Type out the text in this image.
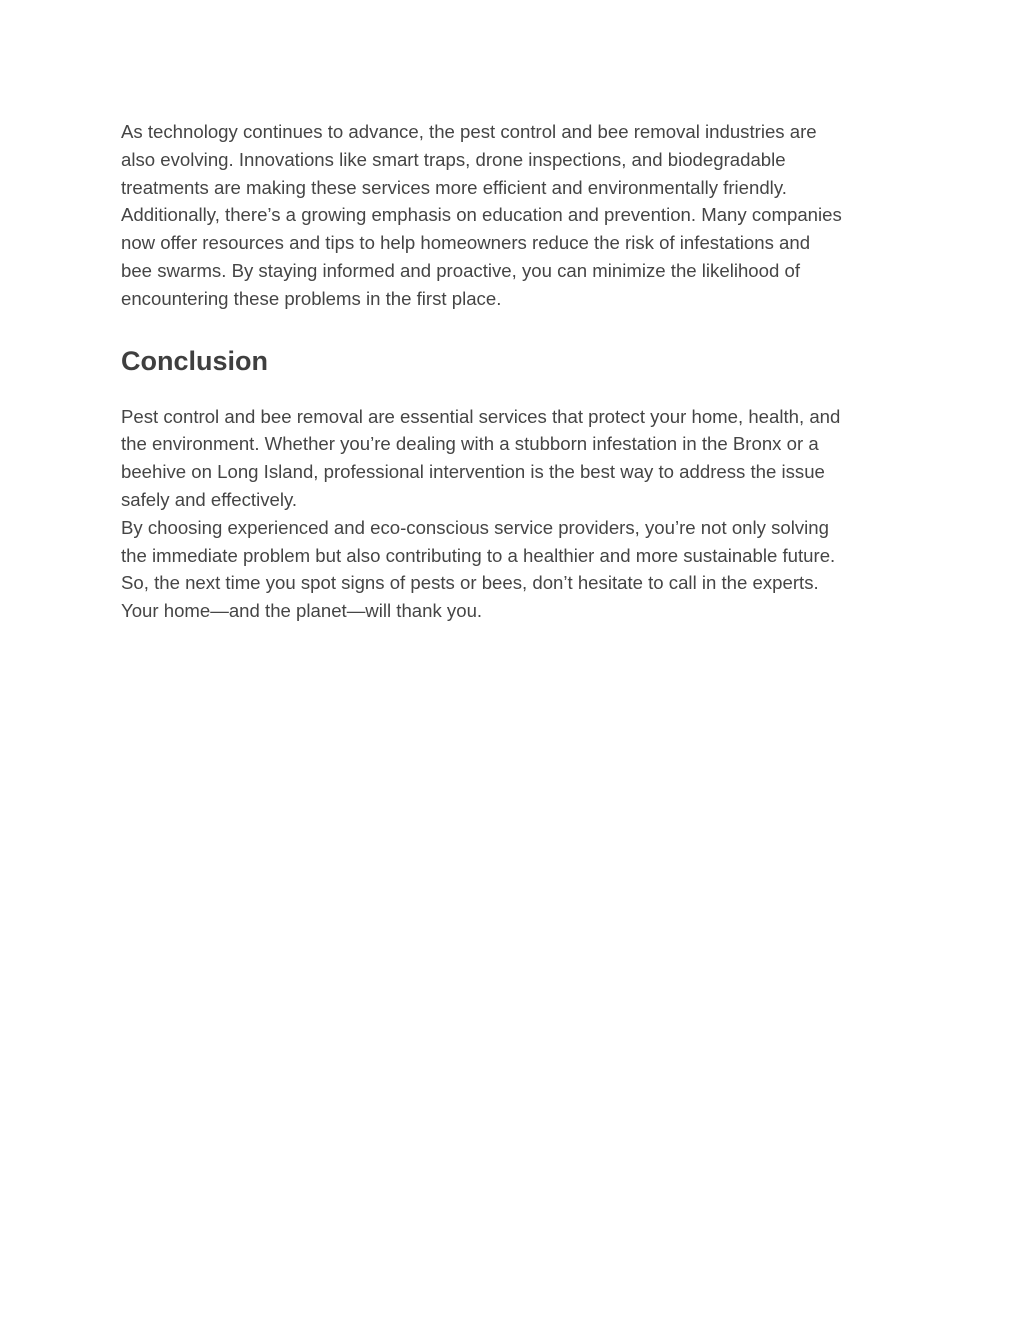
As technology continues to advance, the pest control and bee removal industries are
also evolving. Innovations like smart traps, drone inspections, and biodegradable
treatments are making these services more efficient and environmentally friendly.
Additionally, there’s a growing emphasis on education and prevention. Many companies
now offer resources and tips to help homeowners reduce the risk of infestations and
bee swarms. By staying informed and proactive, you can minimize the likelihood of
encountering these problems in the first place.

Conclusion

Pest control and bee removal are essential services that protect your home, health, and
the environment. Whether you’re dealing with a stubborn infestation in the Bronx or a
beehive on Long Island, professional intervention is the best way to address the issue
safely and effectively.
By choosing experienced and eco-conscious service providers, you’re not only solving
the immediate problem but also contributing to a healthier and more sustainable future.
So, the next time you spot signs of pests or bees, don’t hesitate to call in the experts.
Your home—and the planet—will thank you.
